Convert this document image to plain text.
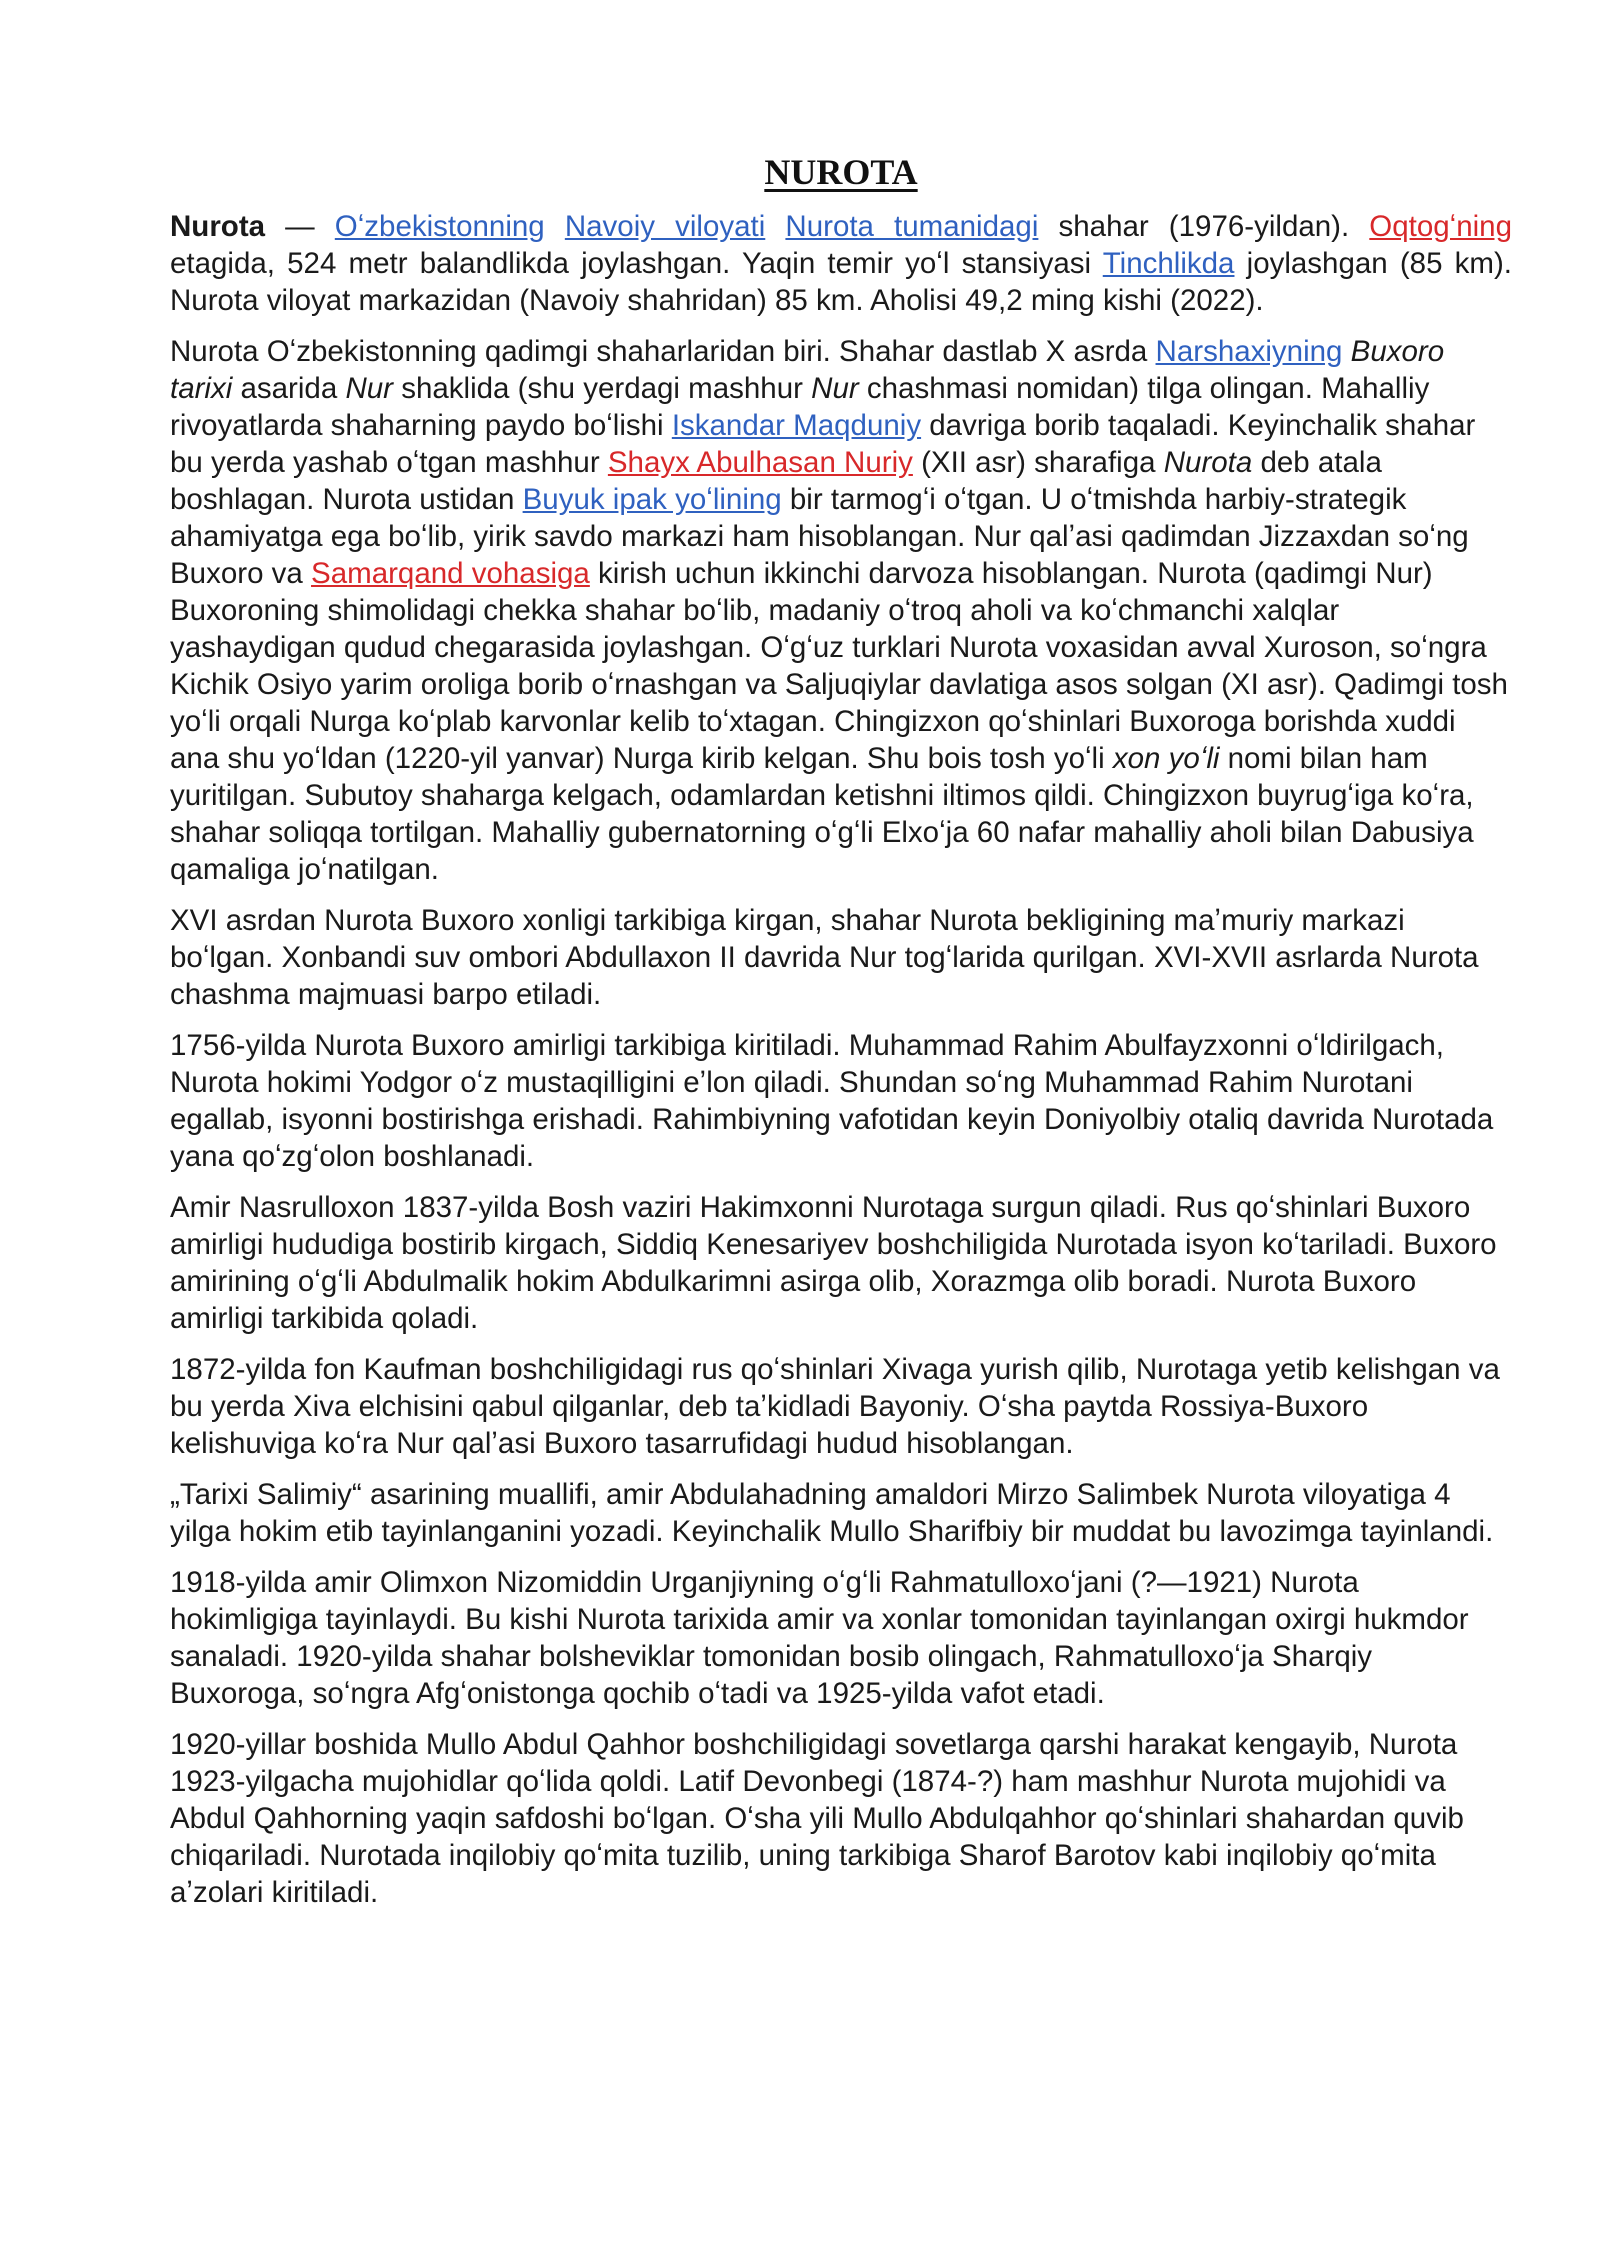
NUROTA

Nurota — Oʻzbekistonning Navoiy viloyati Nurota tumanidagi shahar (1976-yildan). Oqtogʻning etagida, 524 metr balandlikda joylashgan. Yaqin temir yoʻl stansiyasi Tinchlikda joylashgan (85 km). Nurota viloyat markazidan (Navoiy shahridan) 85 km. Aholisi 49,2 ming kishi (2022).

Nurota Oʻzbekistonning qadimgi shaharlaridan biri. Shahar dastlab X asrda Narshaxiyning Buxoro tarixi asarida Nur shaklida (shu yerdagi mashhur Nur chashmasi nomidan) tilga olingan. Mahalliy rivoyatlarda shaharning paydo boʻlishi Iskandar Maqduniy davriga borib taqaladi. Keyinchalik shahar bu yerda yashab oʻtgan mashhur Shayx Abulhasan Nuriy (XII asr) sharafiga Nurota deb atala boshlagan. Nurota ustidan Buyuk ipak yoʻlining bir tarmogʻi oʻtgan. U oʻtmishda harbiy-strategik ahamiyatga ega boʻlib, yirik savdo markazi ham hisoblangan. Nur qalʼasi qadimdan Jizzaxdan soʻng Buxoro va Samarqand vohasiga kirish uchun ikkinchi darvoza hisoblangan. Nurota (qadimgi Nur) Buxoroning shimolidagi chekka shahar boʻlib, madaniy oʻtroq aholi va koʻchmanchi xalqlar yashaydigan qudud chegarasida joylashgan. Oʻgʻuz turklari Nurota voxasidan avval Xuroson, soʻngra Kichik Osiyo yarim oroliga borib oʻrnashgan va Saljuqiylar davlatiga asos solgan (XI asr). Qadimgi tosh yoʻli orqali Nurga koʻplab karvonlar kelib toʻxtagan. Chingizxon qoʻshinlari Buxoroga borishda xuddi ana shu yoʻldan (1220-yil yanvar) Nurga kirib kelgan. Shu bois tosh yoʻli xon yoʻli nomi bilan ham yuritilgan. Subutoy shaharga kelgach, odamlardan ketishni iltimos qildi. Chingizxon buyrugʻiga koʻra, shahar soliqqa tortilgan. Mahalliy gubernatorning oʻgʻli Elxoʻja 60 nafar mahalliy aholi bilan Dabusiya qamaliga joʻnatilgan.

XVI asrdan Nurota Buxoro xonligi tarkibiga kirgan, shahar Nurota bekligining maʼmuriy markazi boʻlgan. Xonbandi suv ombori Abdullaxon II davrida Nur togʻlarida qurilgan. XVI-XVII asrlarda Nurota chashma majmuasi barpo etiladi.

1756-yilda Nurota Buxoro amirligi tarkibiga kiritiladi. Muhammad Rahim Abulfayzxonni oʻldirilgach, Nurota hokimi Yodgor oʻz mustaqilligini eʼlon qiladi. Shundan soʻng Muhammad Rahim Nurotani egallab, isyonni bostirishga erishadi. Rahimbiyning vafotidan keyin Doniyolbiy otaliq davrida Nurotada yana qoʻzgʻolon boshlanadi.

Amir Nasrulloxon 1837-yilda Bosh vaziri Hakimxonni Nurotaga surgun qiladi. Rus qoʻshinlari Buxoro amirligi hududiga bostirib kirgach, Siddiq Kenesariyev boshchiligida Nurotada isyon koʻtariladi. Buxoro amirining oʻgʻli Abdulmalik hokim Abdulkarimni asirga olib, Xorazmga olib boradi. Nurota Buxoro amirligi tarkibida qoladi.

1872-yilda fon Kaufman boshchiligidagi rus qoʻshinlari Xivaga yurish qilib, Nurotaga yetib kelishgan va bu yerda Xiva elchisini qabul qilganlar, deb taʼkidladi Bayoniy. Oʻsha paytda Rossiya-Buxoro kelishuviga koʻra Nur qalʼasi Buxoro tasarrufidagi hudud hisoblangan.

„Tarixi Salimiy“ asarining muallifi, amir Abdulahadning amaldori Mirzo Salimbek Nurota viloyatiga 4 yilga hokim etib tayinlanganini yozadi. Keyinchalik Mullo Sharifbiy bir muddat bu lavozimga tayinlandi.

1918-yilda amir Olimxon Nizomiddin Urganjiyning oʻgʻli Rahmatulloxoʻjani (?—1921) Nurota hokimligiga tayinlaydi. Bu kishi Nurota tarixida amir va xonlar tomonidan tayinlangan oxirgi hukmdor sanaladi. 1920-yilda shahar bolsheviklar tomonidan bosib olingach, Rahmatulloxoʻja Sharqiy Buxoroga, soʻngra Afgʻonistonga qochib oʻtadi va 1925-yilda vafot etadi.

1920-yillar boshida Mullo Abdul Qahhor boshchiligidagi sovetlarga qarshi harakat kengayib, Nurota 1923-yilgacha mujohidlar qoʻlida qoldi. Latif Devonbegi (1874-?) ham mashhur Nurota mujohidi va Abdul Qahhorning yaqin safdoshi boʻlgan. Oʻsha yili Mullo Abdulqahhor qoʻshinlari shahardan quvib chiqariladi. Nurotada inqilobiy qoʻmita tuzilib, uning tarkibiga Sharof Barotov kabi inqilobiy qoʻmita aʼzolari kiritiladi.
